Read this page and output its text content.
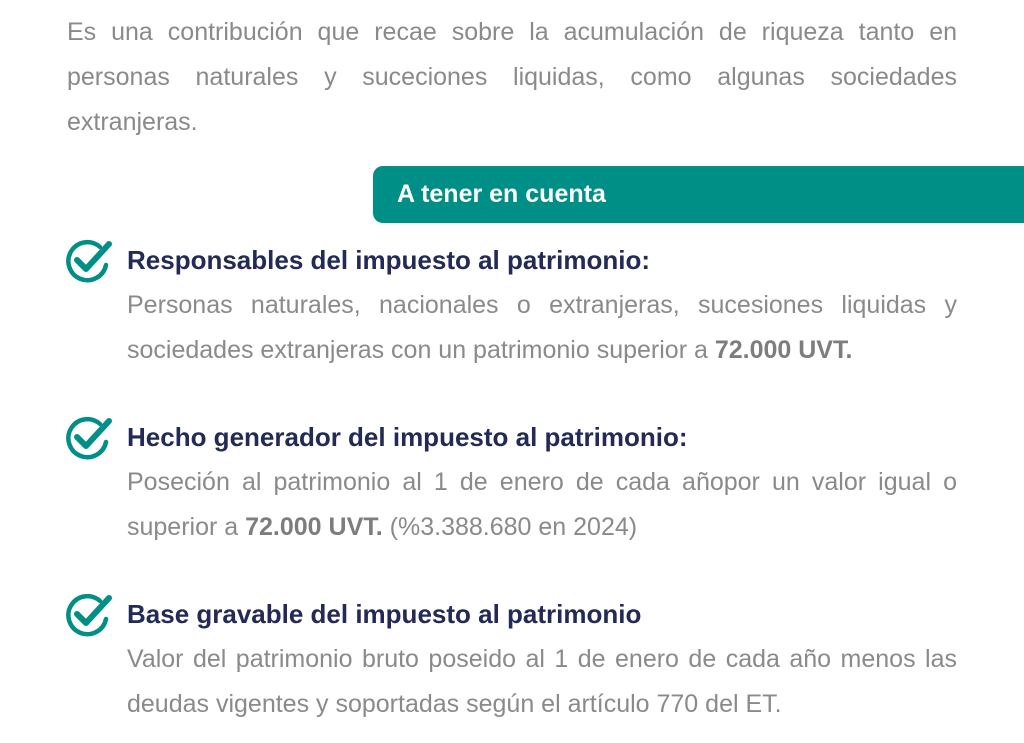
Es una contribución que recae sobre la acumulación de riqueza tanto en personas naturales y suceciones liquidas, como algunas sociedades extranjeras.

A tener en cuenta

Responsables del impuesto al patrimonio:

Personas naturales, nacionales o extranjeras, sucesiones liquidas y sociedades extranjeras con un patrimonio superior a 72.000 UVT.

Hecho generador del impuesto al patrimonio:

Poseción al patrimonio al 1 de enero de cada añopor un valor igual o superior a 72.000 UVT. (%3.388.680 en 2024)

Base gravable del impuesto al patrimonio

Valor del patrimonio bruto poseido al 1 de enero de cada año menos las deudas vigentes y soportadas según el artículo 770 del ET.
